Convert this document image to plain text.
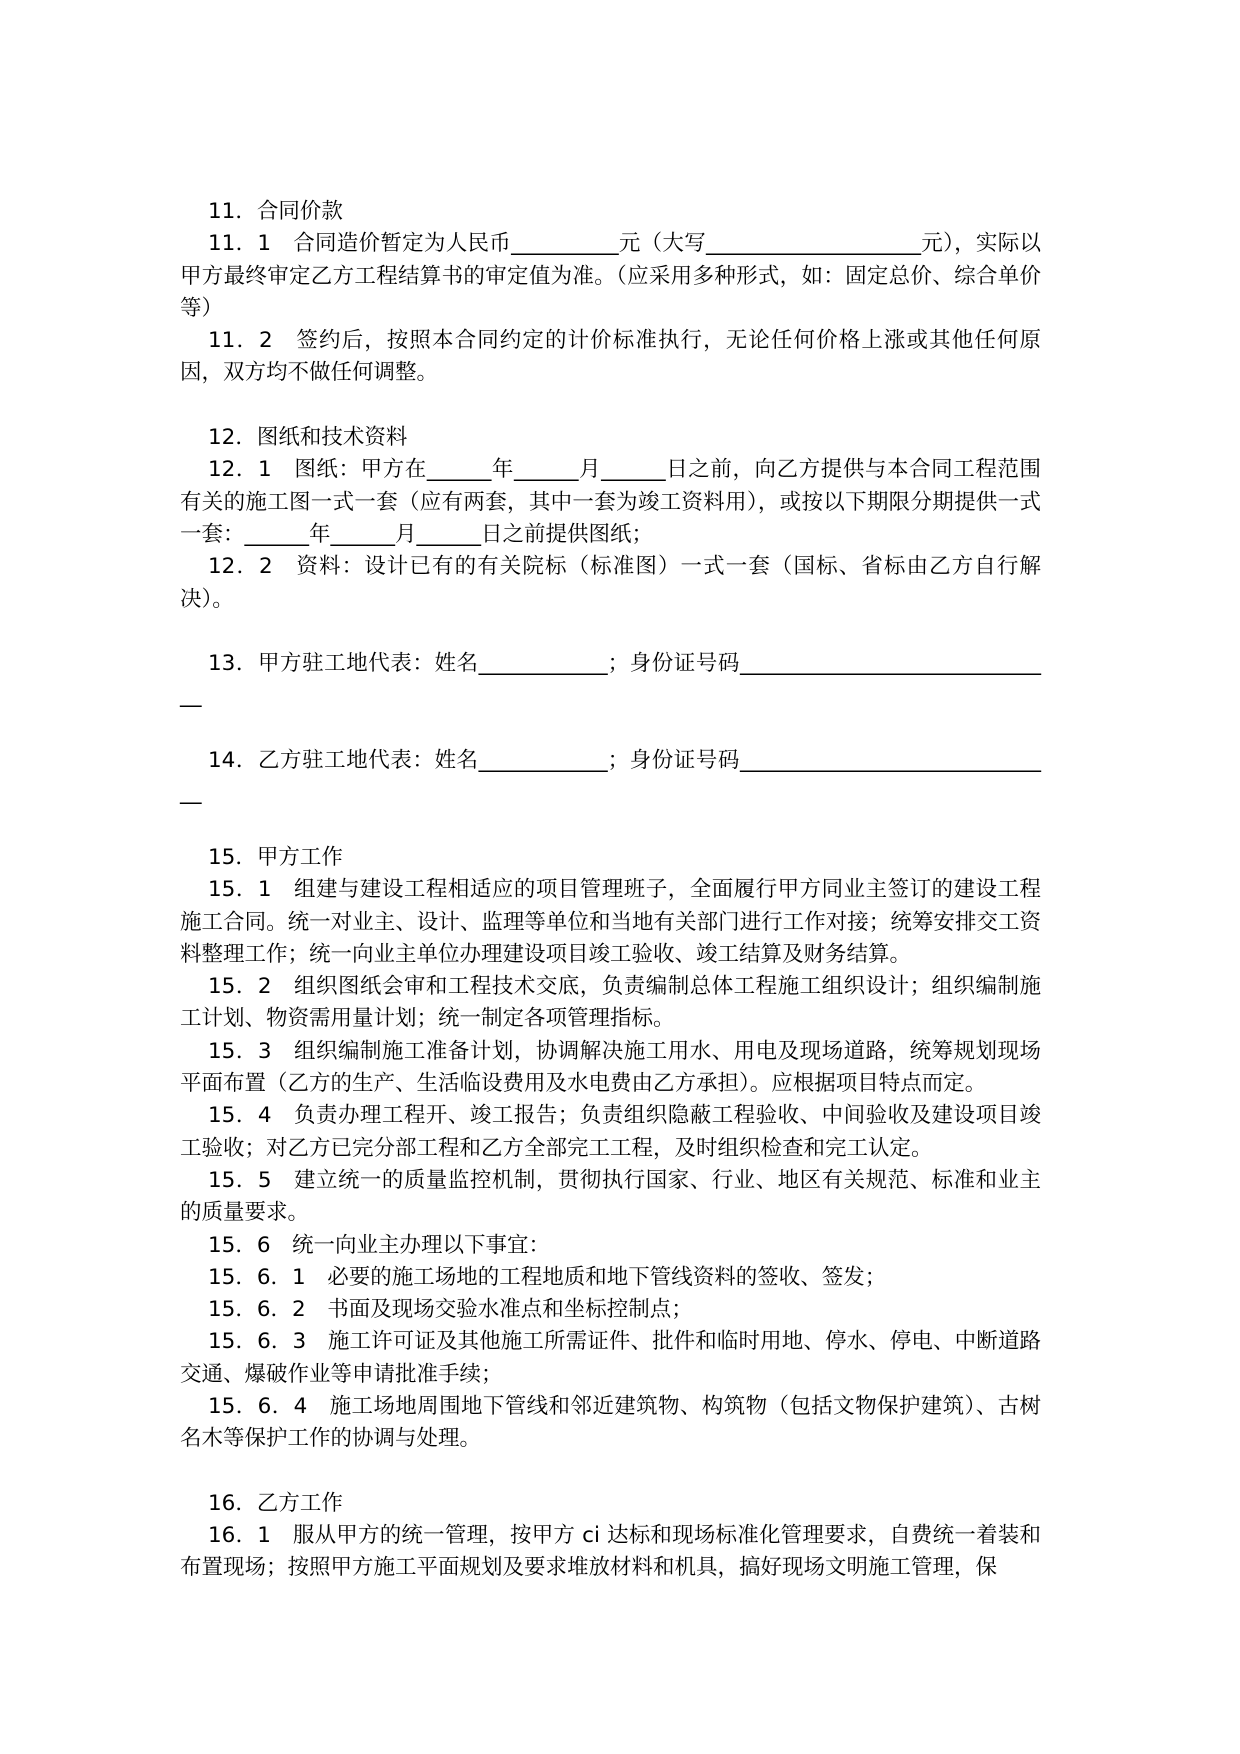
11．合同价款

11．1　合同造价暂定为人民币__________元（大写____________________元），实际以甲方最终审定乙方工程结算书的审定值为准。（应采用多种形式，如：固定总价、综合单价等）

11．2　签约后，按照本合同约定的计价标准执行，无论任何价格上涨或其他任何原因，双方均不做任何调整。

12．图纸和技术资料

12．1　图纸：甲方在______年______月______日之前，向乙方提供与本合同工程范围有关的施工图一式一套（应有两套，其中一套为竣工资料用），或按以下期限分期提供一式一套：______年______月______日之前提供图纸；

12．2　资料：设计已有的有关院标（标准图）一式一套（国标、省标由乙方自行解决）。

13．甲方驻工地代表：姓名____________；身份证号码______________________________

14．乙方驻工地代表：姓名____________；身份证号码______________________________

15．甲方工作

15．1　组建与建设工程相适应的项目管理班子，全面履行甲方同业主签订的建设工程施工合同。统一对业主、设计、监理等单位和当地有关部门进行工作对接；统筹安排交工资料整理工作；统一向业主单位办理建设项目竣工验收、竣工结算及财务结算。

15．2　组织图纸会审和工程技术交底，负责编制总体工程施工组织设计；组织编制施工计划、物资需用量计划；统一制定各项管理指标。

15．3　组织编制施工准备计划，协调解决施工用水、用电及现场道路，统筹规划现场平面布置（乙方的生产、生活临设费用及水电费由乙方承担）。应根据项目特点而定。

15．4　负责办理工程开、竣工报告；负责组织隐蔽工程验收、中间验收及建设项目竣工验收；对乙方已完分部工程和乙方全部完工工程，及时组织检查和完工认定。

15．5　建立统一的质量监控机制，贯彻执行国家、行业、地区有关规范、标准和业主的质量要求。

15．6　统一向业主办理以下事宜：

15．6．1　必要的施工场地的工程地质和地下管线资料的签收、签发；

15．6．2　书面及现场交验水准点和坐标控制点；

15．6．3　施工许可证及其他施工所需证件、批件和临时用地、停水、停电、中断道路交通、爆破作业等申请批准手续；

15．6．4　施工场地周围地下管线和邻近建筑物、构筑物（包括文物保护建筑）、古树名木等保护工作的协调与处理。

16．乙方工作

16．1　服从甲方的统一管理，按甲方 ci 达标和现场标准化管理要求，自费统一着装和布置现场；按照甲方施工平面规划及要求堆放材料和机具，搞好现场文明施工管理，保
